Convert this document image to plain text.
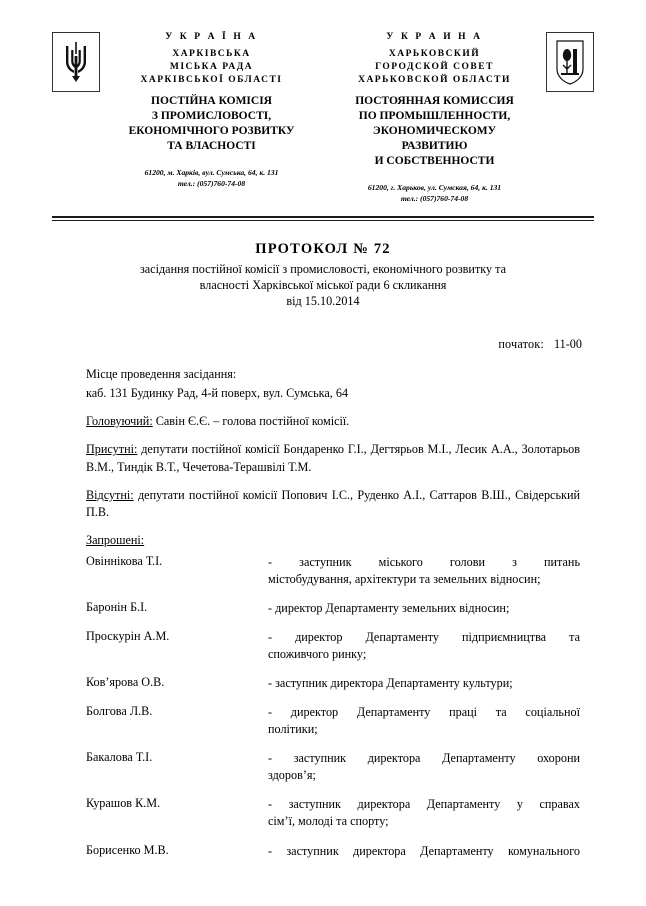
У К Р А Ї Н А
ХАРКІВСЬКА
МІСЬКА РАДА
ХАРКІВСЬКОЇ ОБЛАСТІ
ПОСТІЙНА КОМІСІЯ
З ПРОМИСЛОВОСТІ,
ЕКОНОМІЧНОГО РОЗВИТКУ
ТА ВЛАСНОСТІ
61200, м. Харків, вул. Сумська, 64, к. 131
тел.: (057)760-74-08
У К Р А И Н А
ХАРЬКОВСКИЙ
ГОРОДСКОЙ СОВЕТ
ХАРЬКОВСКОЙ ОБЛАСТИ
ПОСТОЯННАЯ КОМИССИЯ
ПО ПРОМЫШЛЕННОСТИ,
ЭКОНОМИЧЕСКОМУ
РАЗВИТИЮ
И СОБСТВЕННОСТИ
61200, г. Харьков, ул. Сумская, 64, к. 131
тел.: (057)760-74-08
ПРОТОКОЛ № 72
засідання постійної комісії з промисловості, економічного розвитку та
власності Харківської міської ради 6 скликання
від 15.10.2014
початок: 11-00
Місце проведення засідання:
каб. 131 Будинку Рад, 4-й поверх, вул. Сумська, 64
Головуючий: Савін Є.Є. – голова постійної комісії.
Присутні: депутати постійної комісії Бондаренко Г.І., Дегтярьов М.І., Лесик А.А., Золотарьов В.М., Тиндік В.Т., Чечетова-Терашвілі Т.М.
Відсутні: депутати постійної комісії Попович І.С., Руденко А.І., Саттаров В.Ш., Свідерський П.В.
Запрошені:
Овіннікова Т.І.	- заступник міського голови з питань
містобудування, архітектури та земельних відносин;

Баронін Б.І.	- директор Департаменту земельних відносин;

Проскурін А.М.	- директор Департаменту підприємництва та
споживчого ринку;

Ков’ярова О.В.	- заступник директора Департаменту культури;

Болгова Л.В.	- директор Департаменту праці та соціальної
політики;

Бакалова Т.І.	- заступник директора Департаменту охорони
здоров’я;

Курашов К.М.	- заступник директора Департаменту у справах
сім’ї, молоді та спорту;

Борисенко М.В.	- заступник директора Департаменту комунального
